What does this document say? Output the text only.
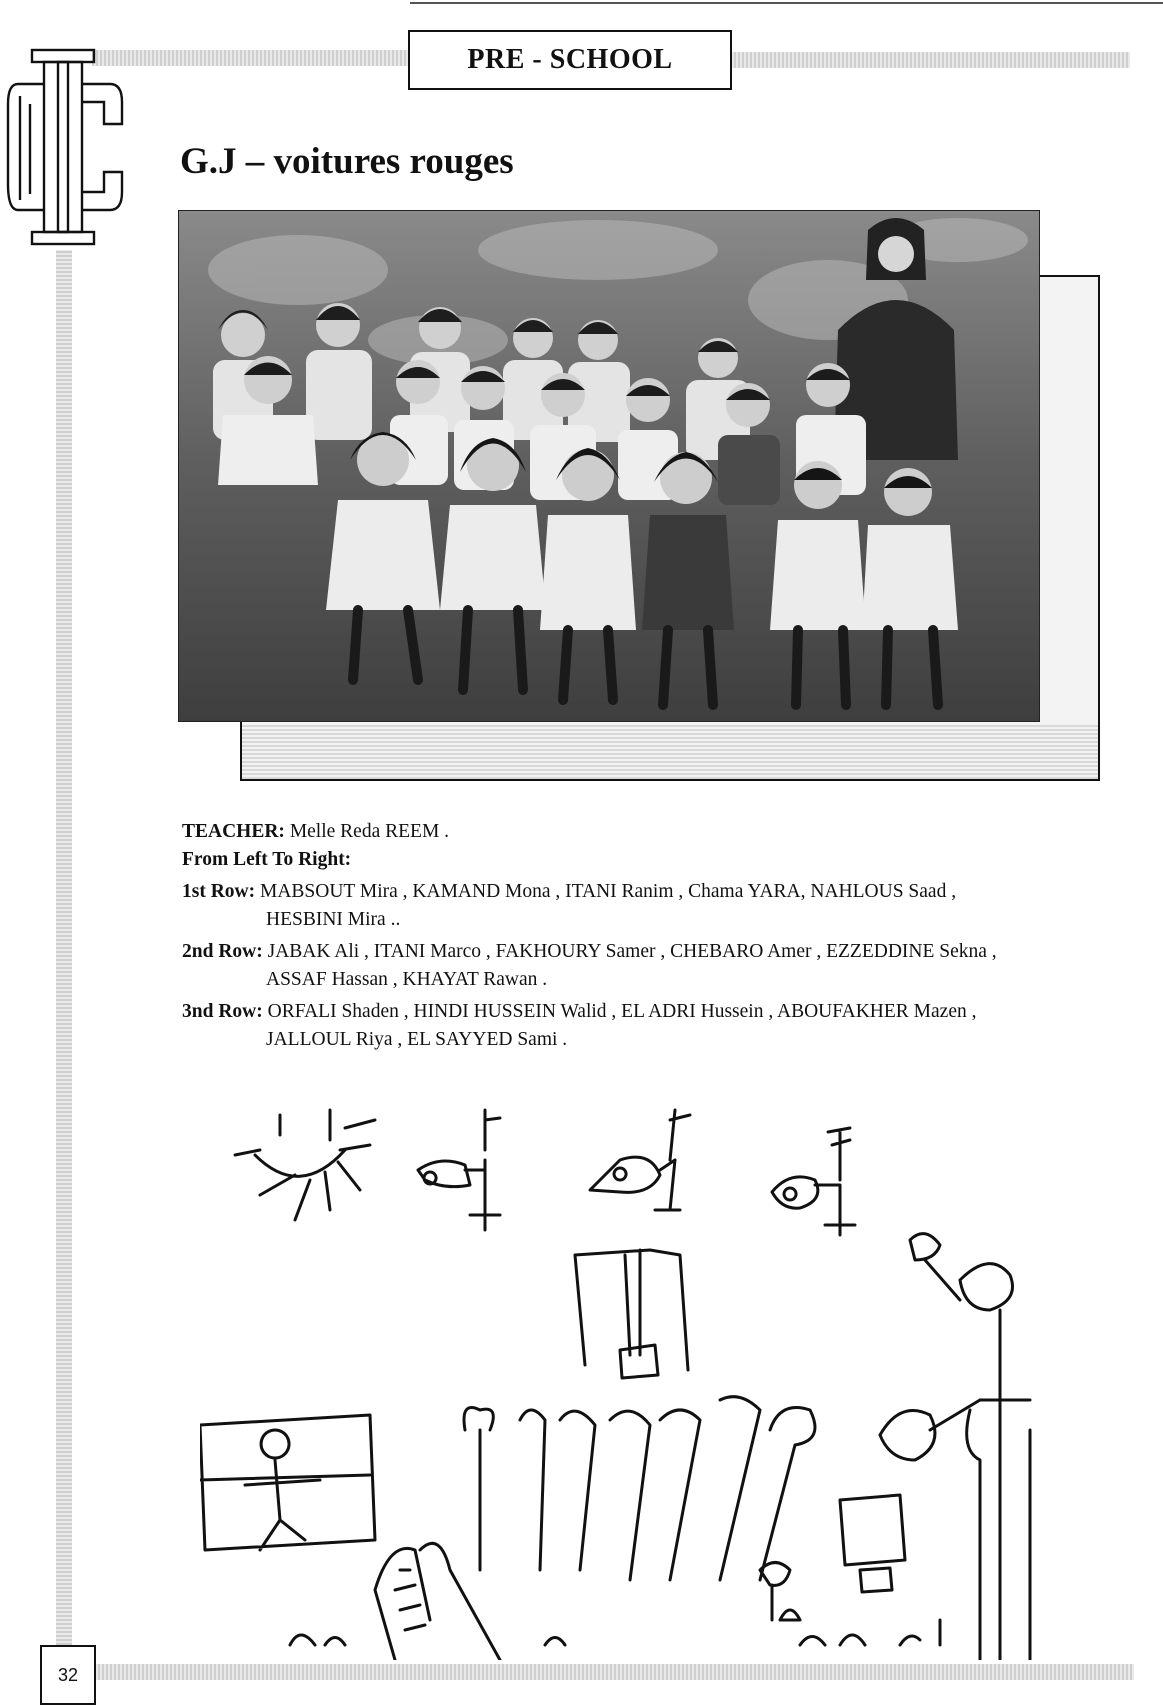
PRE - SCHOOL
G.J – voitures rouges
TEACHER: Melle Reda REEM .
From Left To Right:
1st Row: MABSOUT Mira , KAMAND Mona , ITANI Ranim , Chama YARA, NAHLOUS Saad ,
HESBINI Mira ..
2nd Row: JABAK Ali , ITANI Marco , FAKHOURY Samer , CHEBARO Amer , EZZEDDINE Sekna ,
ASSAF Hassan , KHAYAT Rawan .
3nd Row: ORFALI Shaden , HINDI HUSSEIN Walid , EL ADRI Hussein , ABOUFAKHER Mazen ,
JALLOUL Riya , EL SAYYED Sami .
32
